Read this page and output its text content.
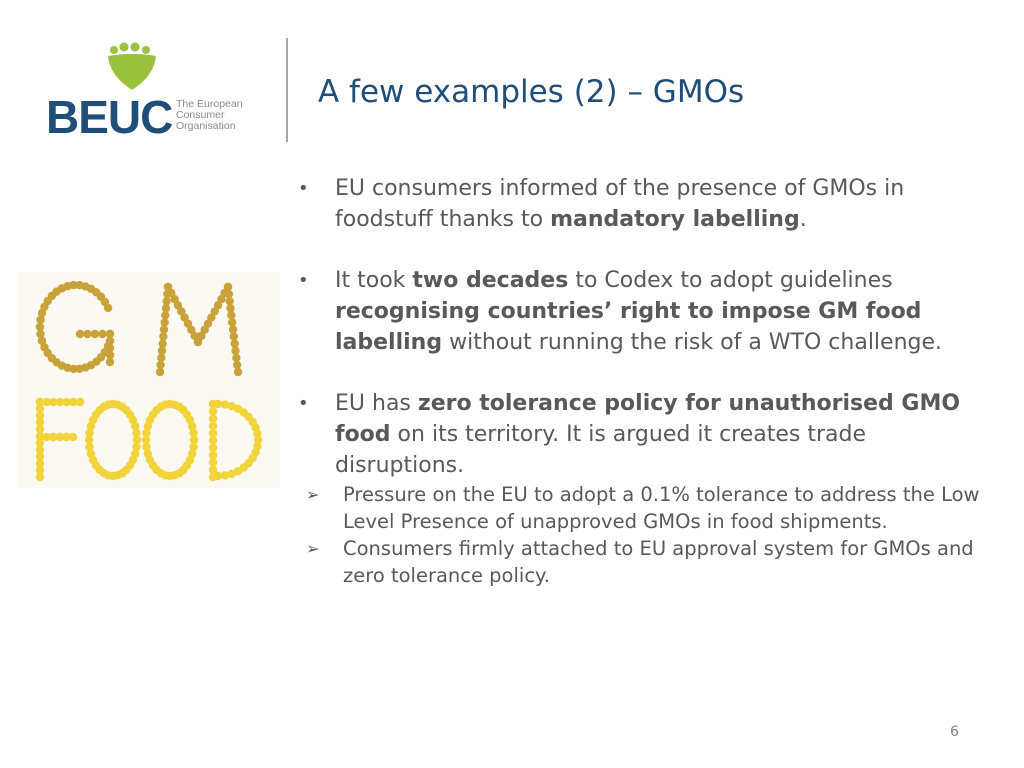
BEUC The European
Consumer
Organisation
A few examples (2) – GMOs
• EU consumers informed of the presence of GMOs in foodstuff thanks to mandatory labelling.
• It took two decades to Codex to adopt guidelines recognising countries’ right to impose GM food labelling without running the risk of a WTO challenge.
• EU has zero tolerance policy for unauthorised GMO food on its territory. It is argued it creates trade disruptions.
➢ Pressure on the EU to adopt a 0.1% tolerance to address the Low Level Presence of unapproved GMOs in food shipments.
➢ Consumers firmly attached to EU approval system for GMOs and zero tolerance policy.
6
